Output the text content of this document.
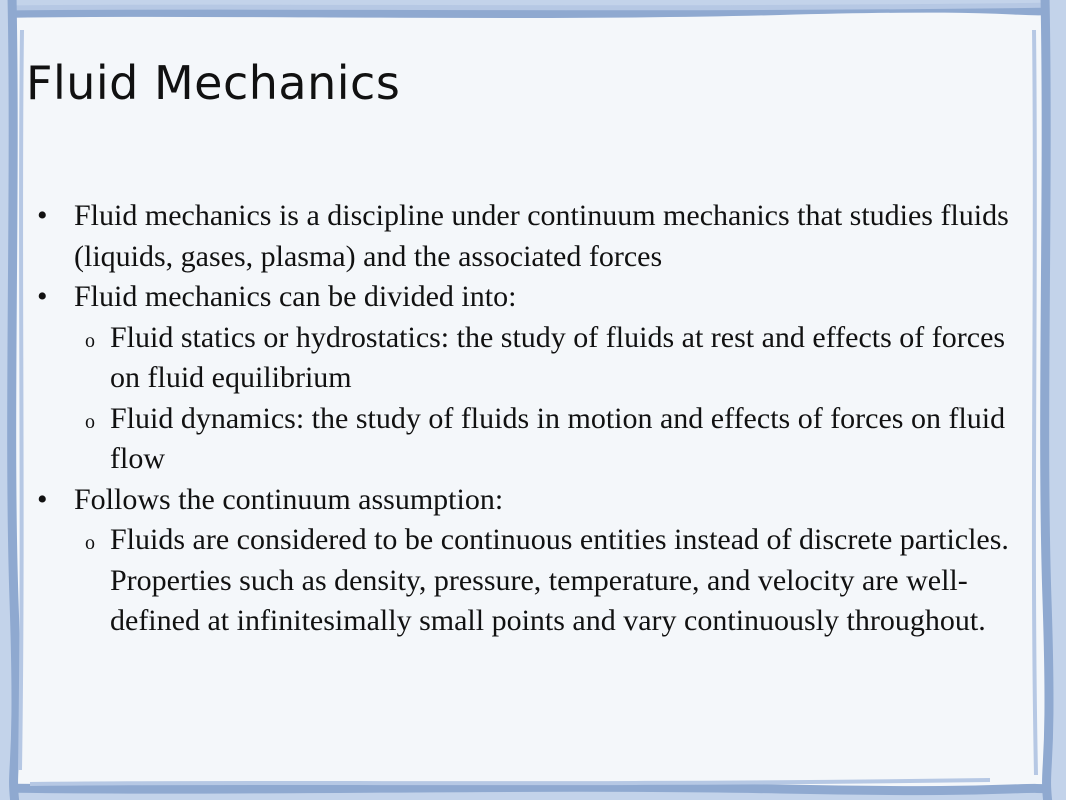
Fluid Mechanics
• Fluid mechanics is a discipline under continuum mechanics that studies fluids (liquids, gases, plasma) and the associated forces
• Fluid mechanics can be divided into:
o Fluid statics or hydrostatics: the study of fluids at rest and effects of forces on fluid equilibrium
o Fluid dynamics: the study of fluids in motion and effects of forces on fluid flow
• Follows the continuum assumption:
o Fluids are considered to be continuous entities instead of discrete particles. Properties such as density, pressure, temperature, and velocity are well-defined at infinitesimally small points and vary continuously throughout.
